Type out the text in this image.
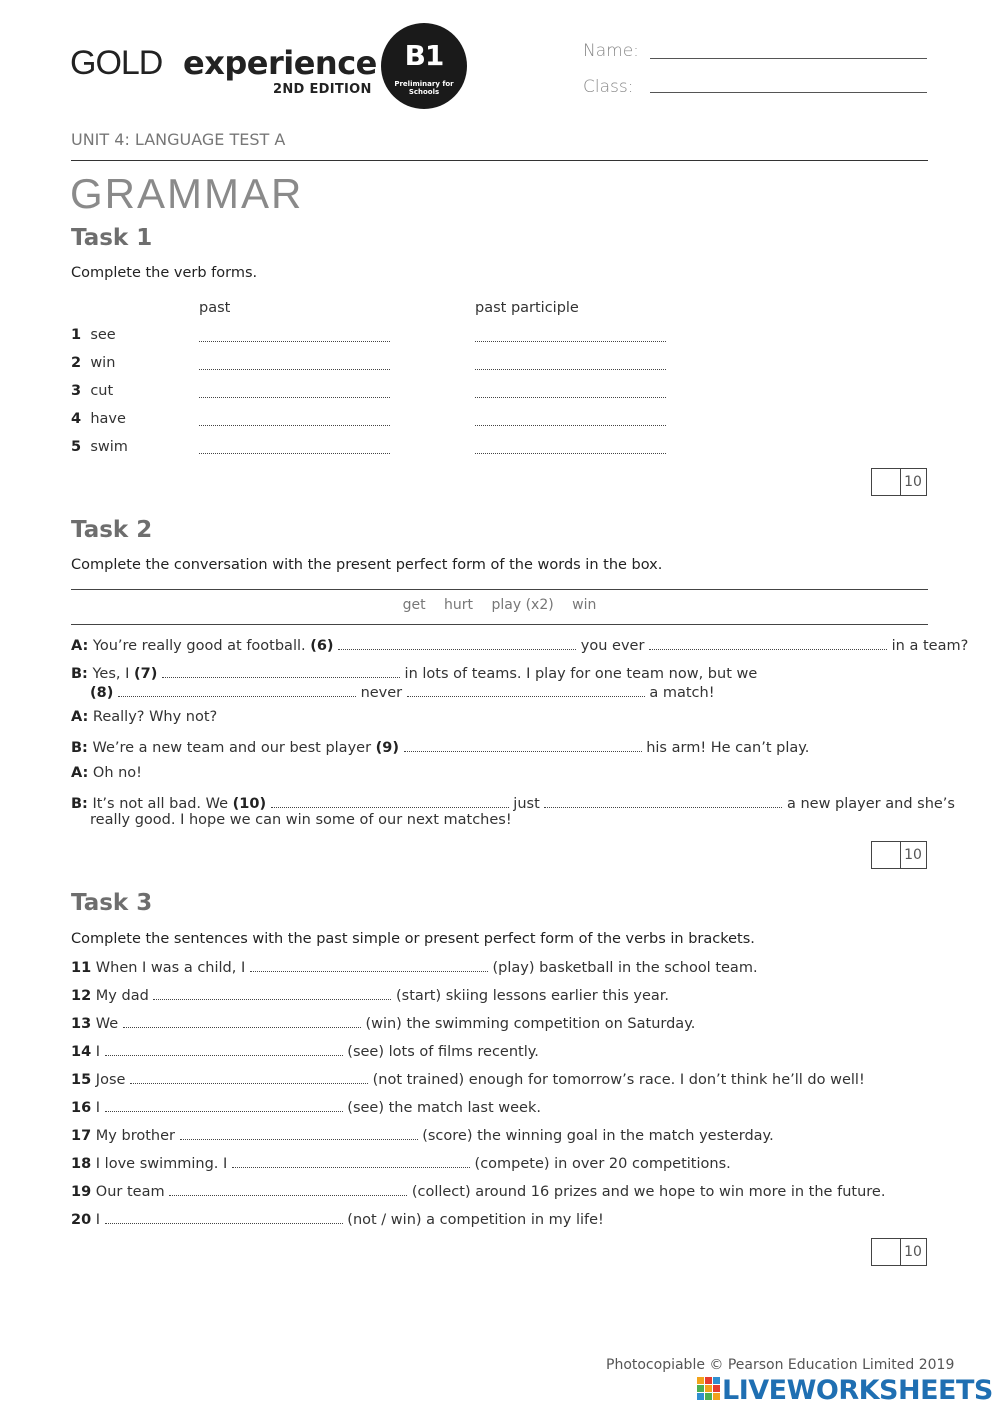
GOLD experience
2ND EDITION
B1
Preliminary for Schools
Name:
Class:
UNIT 4: LANGUAGE TEST A
GRAMMAR
Task 1
Complete the verb forms.
past	past participle
1 see
2 win
3 cut
4 have
5 swim
10
Task 2
Complete the conversation with the present perfect form of the words in the box.
get hurt play (x2) win
A: You’re really good at football. (6)	you ever	in a team?
B: Yes, I (7)	in lots of teams. I play for one team now, but we
(8)	never	a match!
A: Really? Why not?
B: We’re a new team and our best player (9)	his arm! He can’t play.
A: Oh no!
B: It’s not all bad. We (10)	just	a new player and she’s
really good. I hope we can win some of our next matches!
10
Task 3
Complete the sentences with the past simple or present perfect form of the verbs in brackets.
11 When I was a child, I	(play) basketball in the school team.
12 My dad	(start) skiing lessons earlier this year.
13 We	(win) the swimming competition on Saturday.
14 I	(see) lots of films recently.
15 Jose	(not trained) enough for tomorrow’s race. I don’t think he’ll do well!
16 I	(see) the match last week.
17 My brother	(score) the winning goal in the match yesterday.
18 I love swimming. I	(compete) in over 20 competitions.
19 Our team	(collect) around 16 prizes and we hope to win more in the future.
20 I	(not / win) a competition in my life!
10
Photocopiable © Pearson Education Limited 2019
LIVEWORKSHEETS
